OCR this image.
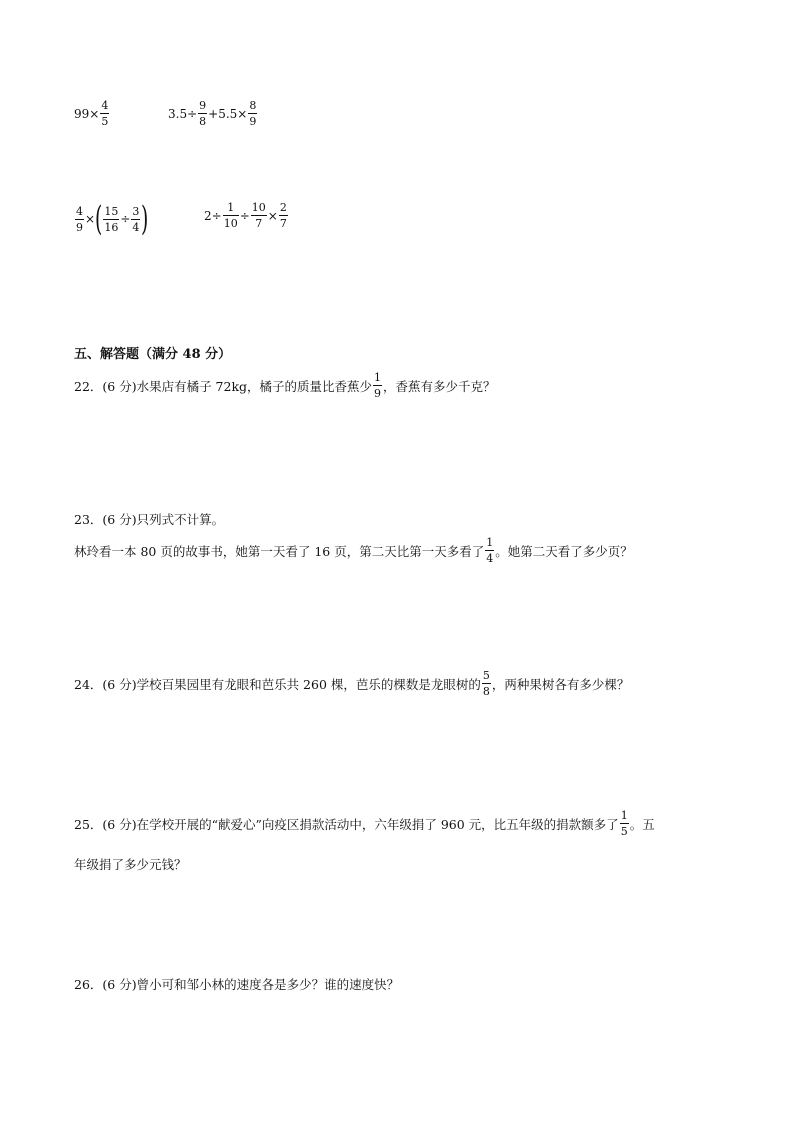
$99\times \frac{4}{5}$	$3.5\div \frac{9}{8} +5.5\times \frac{8}{9}$
$\frac{4}{9}$ × ( $\frac{15}{16} \div \frac{3}{4}$ )	$2\div \frac{1}{10} \div \frac{10}{7} \times \frac{2}{7}$
五、解答题（满分 48 分）
22．(6 分)水果店有橘子 72kg，橘子的质量比香蕉少 $\frac{1}{9}$ ，香蕉有多少千克？
23．(6 分)只列式不计算。
林玲看一本 80 页的故事书，她第一天看了 16 页，第二天比第一天多看了 $\frac{1}{4}$ 。她第二天看了多少页？
24．(6 分)学校百果园里有龙眼和芭乐共 260 棵，芭乐的棵数是龙眼树的 $\frac{5}{8}$ ，两种果树各有多少棵？
25．(6 分)在学校开展的“献爱心”向疫区捐款活动中，六年级捐了 960 元，比五年级的捐款额多了 $\frac{1}{5}$ 。五
年级捐了多少元钱？
26．(6 分)曾小可和邹小林的速度各是多少？谁的速度快？
